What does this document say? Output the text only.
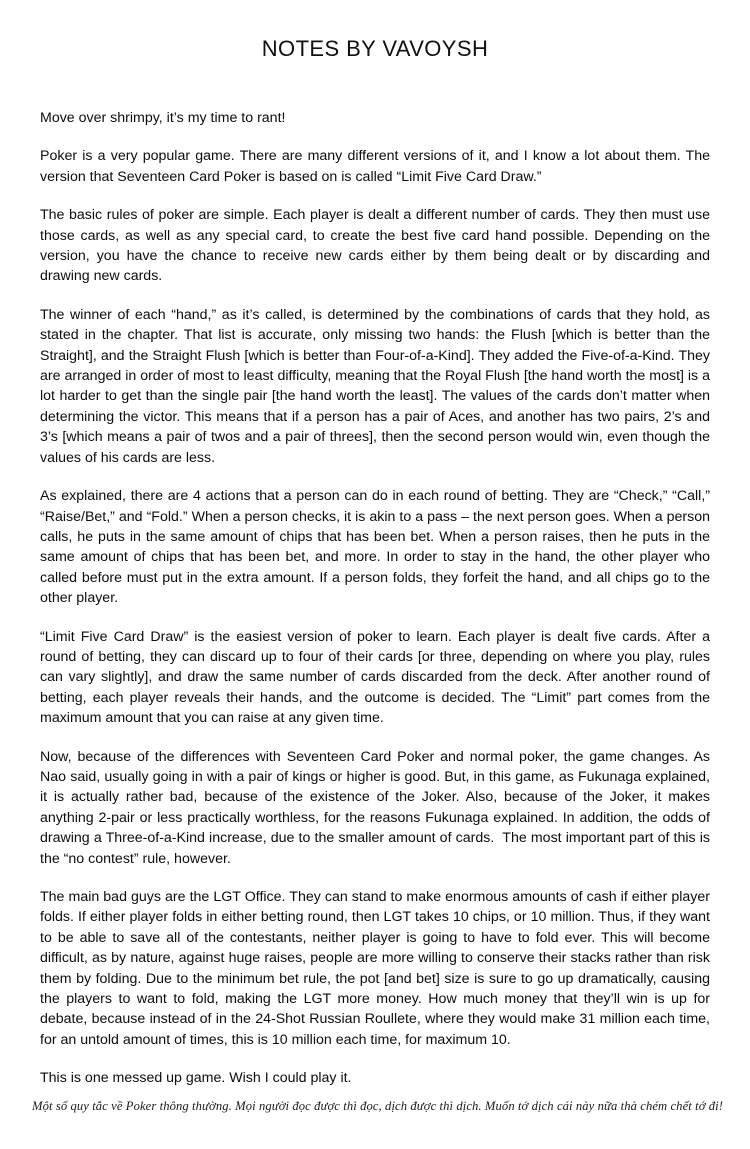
NOTES BY VAVOYSH

Move over shrimpy, it’s my time to rant!

Poker is a very popular game. There are many different versions of it, and I know a lot about them. The version that Seventeen Card Poker is based on is called “Limit Five Card Draw.”

The basic rules of poker are simple. Each player is dealt a different number of cards. They then must use those cards, as well as any special card, to create the best five card hand possible. Depending on the version, you have the chance to receive new cards either by them being dealt or by discarding and drawing new cards.

The winner of each “hand,” as it’s called, is determined by the combinations of cards that they hold, as stated in the chapter. That list is accurate, only missing two hands: the Flush [which is better than the Straight], and the Straight Flush [which is better than Four-of-a-Kind]. They added the Five-of-a-Kind. They are arranged in order of most to least difficulty, meaning that the Royal Flush [the hand worth the most] is a lot harder to get than the single pair [the hand worth the least]. The values of the cards don’t matter when determining the victor. This means that if a person has a pair of Aces, and another has two pairs, 2’s and 3’s [which means a pair of twos and a pair of threes], then the second person would win, even though the values of his cards are less.

As explained, there are 4 actions that a person can do in each round of betting. They are “Check,” “Call,” “Raise/Bet,” and “Fold.” When a person checks, it is akin to a pass – the next person goes. When a person calls, he puts in the same amount of chips that has been bet. When a person raises, then he puts in the same amount of chips that has been bet, and more. In order to stay in the hand, the other player who called before must put in the extra amount. If a person folds, they forfeit the hand, and all chips go to the other player.

“Limit Five Card Draw” is the easiest version of poker to learn. Each player is dealt five cards. After a round of betting, they can discard up to four of their cards [or three, depending on where you play, rules can vary slightly], and draw the same number of cards discarded from the deck. After another round of betting, each player reveals their hands, and the outcome is decided. The “Limit” part comes from the maximum amount that you can raise at any given time.

Now, because of the differences with Seventeen Card Poker and normal poker, the game changes. As Nao said, usually going in with a pair of kings or higher is good. But, in this game, as Fukunaga explained, it is actually rather bad, because of the existence of the Joker. Also, because of the Joker, it makes anything 2-pair or less practically worthless, for the reasons Fukunaga explained. In addition, the odds of drawing a Three-of-a-Kind increase, due to the smaller amount of cards.  The most important part of this is the “no contest” rule, however.

The main bad guys are the LGT Office. They can stand to make enormous amounts of cash if either player folds. If either player folds in either betting round, then LGT takes 10 chips, or 10 million. Thus, if they want to be able to save all of the contestants, neither player is going to have to fold ever. This will become difficult, as by nature, against huge raises, people are more willing to conserve their stacks rather than risk them by folding. Due to the minimum bet rule, the pot [and bet] size is sure to go up dramatically, causing the players to want to fold, making the LGT more money. How much money that they’ll win is up for debate, because instead of in the 24-Shot Russian Roullete, where they would make 31 million each time, for an untold amount of times, this is 10 million each time, for maximum 10.

This is one messed up game. Wish I could play it.

Một số quy tắc về Poker thông thường. Mọi người đọc được thì đọc, dịch được thì dịch. Muốn tớ dịch cái này nữa thà chém chết tớ đi!
